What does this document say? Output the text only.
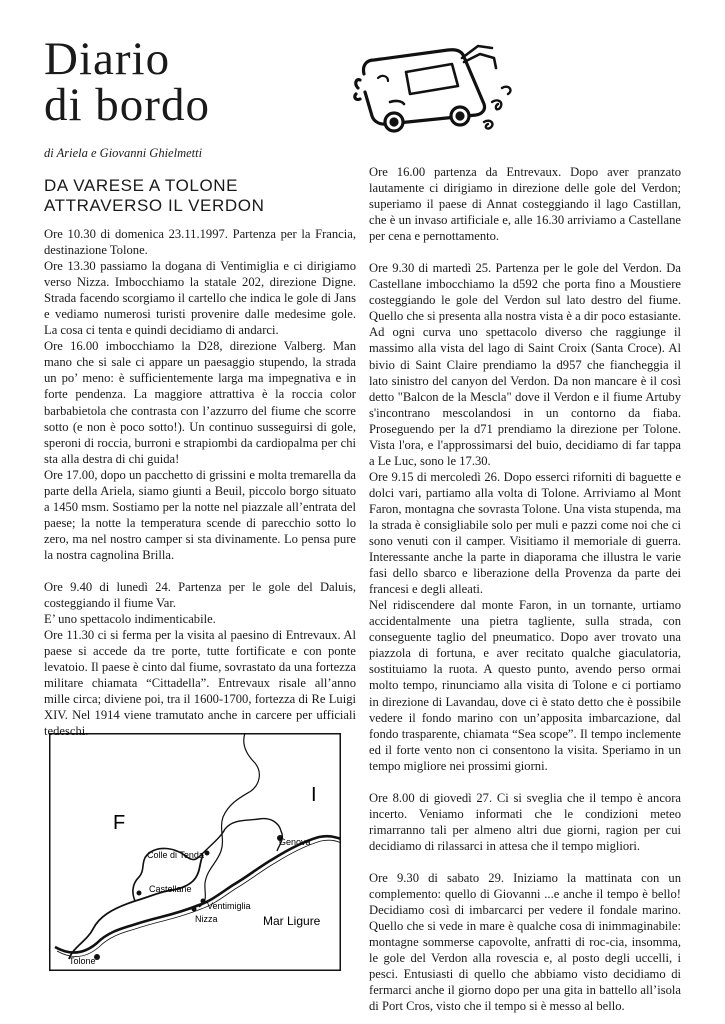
Diario
di bordo
di Ariela e Giovanni Ghielmetti
DA VARESE A TOLONE
ATTRAVERSO IL VERDON

Ore 10.30 di domenica 23.11.1997. Partenza per la Francia, destinazione Tolone.

Ore 13.30 passiamo la dogana di Ventimiglia e ci dirigiamo verso Nizza. Imbocchiamo la statale 202, direzione Digne. Strada facendo scorgiamo il cartello che indica le gole di Jans e vediamo numerosi turisti provenire dalle medesime gole. La cosa ci tenta e quindi decidiamo di andarci.

Ore 16.00 imbocchiamo la D28, direzione Valberg. Man mano che si sale ci appare un paesaggio stupendo, la strada un po’ meno: è sufficientemente larga ma impegnativa e in forte pendenza. La maggiore attrattiva è la roccia color barbabietola che contrasta con l’azzurro del fiume che scorre sotto (e non è poco sotto!). Un continuo susseguirsi di gole, speroni di roccia, burroni e strapiombi da cardiopalma per chi sta alla destra di chi guida!

Ore 17.00, dopo un pacchetto di grissini e molta tremarella da parte della Ariela, siamo giunti a Beuil, piccolo borgo situato a 1450 msm. Sostiamo per la notte nel piazzale all’entrata del paese; la notte la temperatura scende di parecchio sotto lo zero, ma nel nostro camper si sta divinamente. Lo pensa pure la nostra cagnolina Brilla.

Ore 9.40 di lunedì 24. Partenza per le gole del Daluis, costeggiando il fiume Var.

E’ uno spettacolo indimenticabile.

Ore 11.30 ci si ferma per la visita al paesino di Entrevaux. Al paese si accede da tre porte, tutte fortificate e con ponte levatoio. Il paese è cinto dal fiume, sovrastato da una fortezza militare chiamata “Cittadella”. Entrevaux risale all’anno mille circa; diviene poi, tra il 1600-1700, fortezza di Re Luigi XIV. Nel 1914 viene tramutato anche in carcere per ufficiali tedeschi.

Ore 16.00 partenza da Entrevaux. Dopo aver pranzato lautamente ci dirigiamo in direzione delle gole del Verdon; superiamo il paese di Annat costeggiando il lago Castillan, che è un invaso artificiale e, alle 16.30 arriviamo a Castellane per cena e pernottamento.

Ore 9.30 di martedì 25. Partenza per le gole del Verdon. Da Castellane imbocchiamo la d592 che porta fino a Moustiere costeggiando le gole del Verdon sul lato destro del fiume. Quello che si presenta alla nostra vista è a dir poco estasiante. Ad ogni curva uno spettacolo diverso che raggiunge il massimo alla vista del lago di Saint Croix (Santa Croce). Al bivio di Saint Claire prendiamo la d957 che fiancheggia il lato sinistro del canyon del Verdon. Da non mancare è il così detto "Balcon de la Mescla" dove il Verdon e il fiume Artuby s'incontrano mescolandosi in un contorno da fiaba. Proseguendo per la d71 prendiamo la direzione per Tolone. Vista l'ora, e l'approssimarsi del buio, decidiamo di far tappa a Le Luc, sono le 17.30.

Ore 9.15 di mercoledì 26. Dopo esserci riforniti di baguette e dolci vari, partiamo alla volta di Tolone. Arriviamo al Mont Faron, montagna che sovrasta Tolone. Una vista stupenda, ma la strada è consigliabile solo per muli e pazzi come noi che ci sono venuti con il camper. Visitiamo il memoriale di guerra. Interessante anche la parte in diaporama che illustra le varie fasi dello sbarco e liberazione della Provenza da parte dei francesi e degli alleati.

Nel ridiscendere dal monte Faron, in un tornante, urtiamo accidentalmente una pietra tagliente, sulla strada, con conseguente taglio del pneumatico. Dopo aver trovato una piazzola di fortuna, e aver recitato qualche giaculatoria, sostituiamo la ruota. A questo punto, avendo perso ormai molto tempo, rinunciamo alla visita di Tolone e ci portiamo in direzione di Lavandau, dove ci è stato detto che è possibile vedere il fondo marino con un’apposita imbarcazione, dal fondo trasparente, chiamata “Sea scope”. Il tempo inclemente ed il forte vento non ci consentono la visita. Speriamo in un tempo migliore nei prossimi giorni.

Ore 8.00 di giovedì 27. Ci si sveglia che il tempo è ancora incerto. Veniamo informati che le condizioni meteo rimarranno tali per almeno altri due giorni, ragion per cui decidiamo di rilassarci in attesa che il tempo migliori.

Ore 9.30 di sabato 29. Iniziamo la mattinata con un complemento: quello di Giovanni ...e anche il tempo è bello! Decidiamo così di imbarcarci per vedere il fondale marino. Quello che si vede in mare è qualche cosa di inimmaginabile: montagne sommerse capovolte, anfratti di roc-cia, insomma, le gole del Verdon alla rovescia e, al posto degli uccelli, i pesci. Entusiasti di quello che abbiamo visto decidiamo di fermarci anche il giorno dopo per una gita in battello all’isola di Port Cros, visto che il tempo si è messo al bello.

F
I
Mar Ligure
Genova
Colle di Tenda
Castellane
Ventimiglia
Nizza
Tolone
